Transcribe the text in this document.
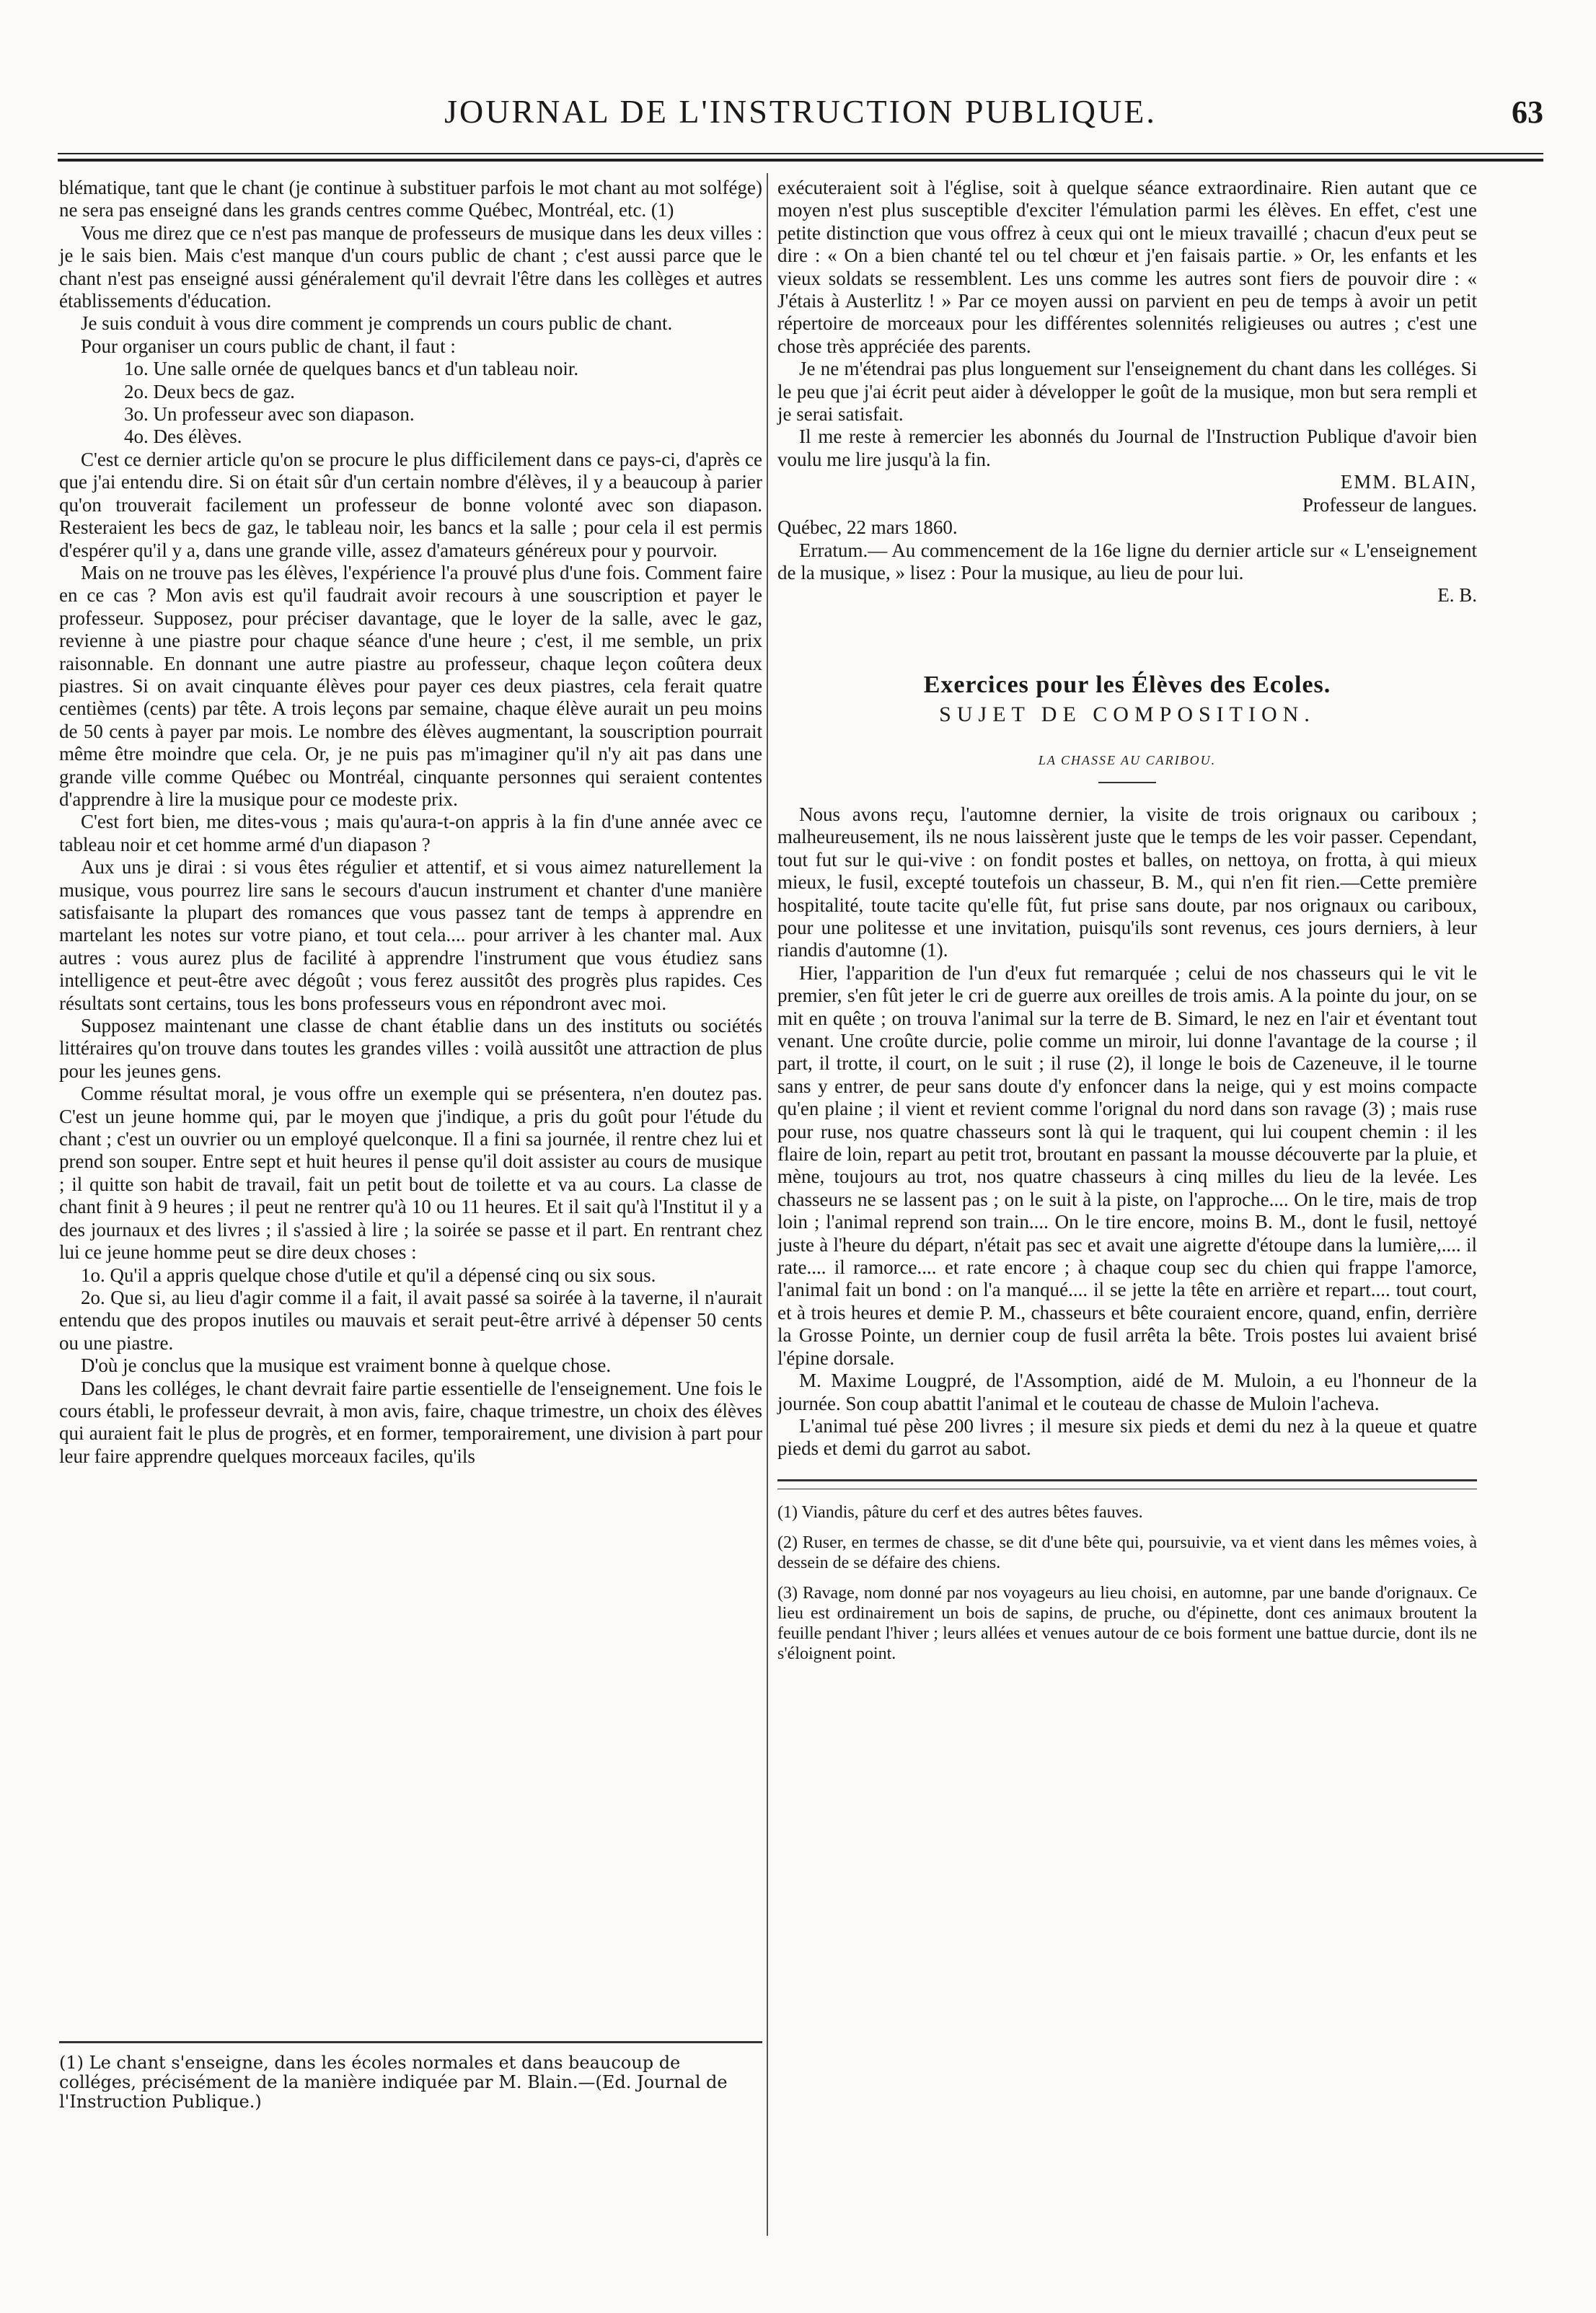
JOURNAL DE L'INSTRUCTION PUBLIQUE.	63

blématique, tant que le chant (je continue à substituer parfois le mot chant au mot solfége) ne sera pas enseigné dans les grands centres comme Québec, Montréal, etc. (1)

Vous me direz que ce n'est pas manque de professeurs de musique dans les deux villes : je le sais bien. Mais c'est manque d'un cours public de chant ; c'est aussi parce que le chant n'est pas enseigné aussi généralement qu'il devrait l'être dans les collèges et autres établissements d'éducation.

Je suis conduit à vous dire comment je comprends un cours public de chant.

Pour organiser un cours public de chant, il faut :

1o. Une salle ornée de quelques bancs et d'un tableau noir.

2o. Deux becs de gaz.

3o. Un professeur avec son diapason.

4o. Des élèves.

C'est ce dernier article qu'on se procure le plus difficilement dans ce pays-ci, d'après ce que j'ai entendu dire. Si on était sûr d'un certain nombre d'élèves, il y a beaucoup à parier qu'on trouverait facilement un professeur de bonne volonté avec son diapason. Resteraient les becs de gaz, le tableau noir, les bancs et la salle ; pour cela il est permis d'espérer qu'il y a, dans une grande ville, assez d'amateurs généreux pour y pourvoir.

Mais on ne trouve pas les élèves, l'expérience l'a prouvé plus d'une fois. Comment faire en ce cas ? Mon avis est qu'il faudrait avoir recours à une souscription et payer le professeur. Supposez, pour préciser davantage, que le loyer de la salle, avec le gaz, revienne à une piastre pour chaque séance d'une heure ; c'est, il me semble, un prix raisonnable. En donnant une autre piastre au professeur, chaque leçon coûtera deux piastres. Si on avait cinquante élèves pour payer ces deux piastres, cela ferait quatre centièmes (cents) par tête. A trois leçons par semaine, chaque élève aurait un peu moins de 50 cents à payer par mois. Le nombre des élèves augmentant, la souscription pourrait même être moindre que cela. Or, je ne puis pas m'imaginer qu'il n'y ait pas dans une grande ville comme Québec ou Montréal, cinquante personnes qui seraient contentes d'apprendre à lire la musique pour ce modeste prix.

C'est fort bien, me dites-vous ; mais qu'aura-t-on appris à la fin d'une année avec ce tableau noir et cet homme armé d'un diapason ?

Aux uns je dirai : si vous êtes régulier et attentif, et si vous aimez naturellement la musique, vous pourrez lire sans le secours d'aucun instrument et chanter d'une manière satisfaisante la plupart des romances que vous passez tant de temps à apprendre en martelant les notes sur votre piano, et tout cela.... pour arriver à les chanter mal. Aux autres : vous aurez plus de facilité à apprendre l'instrument que vous étudiez sans intelligence et peut-être avec dégoût ; vous ferez aussitôt des progrès plus rapides. Ces résultats sont certains, tous les bons professeurs vous en répondront avec moi.

Supposez maintenant une classe de chant établie dans un des instituts ou sociétés littéraires qu'on trouve dans toutes les grandes villes : voilà aussitôt une attraction de plus pour les jeunes gens.

Comme résultat moral, je vous offre un exemple qui se présentera, n'en doutez pas. C'est un jeune homme qui, par le moyen que j'indique, a pris du goût pour l'étude du chant ; c'est un ouvrier ou un employé quelconque. Il a fini sa journée, il rentre chez lui et prend son souper. Entre sept et huit heures il pense qu'il doit assister au cours de musique ; il quitte son habit de travail, fait un petit bout de toilette et va au cours. La classe de chant finit à 9 heures ; il peut ne rentrer qu'à 10 ou 11 heures. Et il sait qu'à l'Institut il y a des journaux et des livres ; il s'assied à lire ; la soirée se passe et il part. En rentrant chez lui ce jeune homme peut se dire deux choses :

1o. Qu'il a appris quelque chose d'utile et qu'il a dépensé cinq ou six sous.

2o. Que si, au lieu d'agir comme il a fait, il avait passé sa soirée à la taverne, il n'aurait entendu que des propos inutiles ou mauvais et serait peut-être arrivé à dépenser 50 cents ou une piastre.

D'où je conclus que la musique est vraiment bonne à quelque chose.

Dans les colléges, le chant devrait faire partie essentielle de l'enseignement. Une fois le cours établi, le professeur devrait, à mon avis, faire, chaque trimestre, un choix des élèves qui auraient fait le plus de progrès, et en former, temporairement, une division à part pour leur faire apprendre quelques morceaux faciles, qu'ils

(1) Le chant s'enseigne, dans les écoles normales et dans beaucoup de colléges, précisément de la manière indiquée par M. Blain.—(Ed. Journal de l'Instruction Publique.)

exécuteraient soit à l'église, soit à quelque séance extraordinaire. Rien autant que ce moyen n'est plus susceptible d'exciter l'émulation parmi les élèves. En effet, c'est une petite distinction que vous offrez à ceux qui ont le mieux travaillé ; chacun d'eux peut se dire : « On a bien chanté tel ou tel chœur et j'en faisais partie. » Or, les enfants et les vieux soldats se ressemblent. Les uns comme les autres sont fiers de pouvoir dire : « J'étais à Austerlitz ! » Par ce moyen aussi on parvient en peu de temps à avoir un petit répertoire de morceaux pour les différentes solennités religieuses ou autres ; c'est une chose très appréciée des parents.

Je ne m'étendrai pas plus longuement sur l'enseignement du chant dans les colléges. Si le peu que j'ai écrit peut aider à développer le goût de la musique, mon but sera rempli et je serai satisfait.

Il me reste à remercier les abonnés du Journal de l'Instruction Publique d'avoir bien voulu me lire jusqu'à la fin.

EMM. BLAIN,

Professeur de langues.

Québec, 22 mars 1860.

Erratum.— Au commencement de la 16e ligne du dernier article sur « L'enseignement de la musique, » lisez : Pour la musique, au lieu de pour lui.

E. B.

Exercices pour les Élèves des Ecoles.
SUJET DE COMPOSITION.
LA CHASSE AU CARIBOU.

Nous avons reçu, l'automne dernier, la visite de trois orignaux ou cariboux ; malheureusement, ils ne nous laissèrent juste que le temps de les voir passer. Cependant, tout fut sur le qui-vive : on fondit postes et balles, on nettoya, on frotta, à qui mieux mieux, le fusil, excepté toutefois un chasseur, B. M., qui n'en fit rien.—Cette première hospitalité, toute tacite qu'elle fût, fut prise sans doute, par nos orignaux ou cariboux, pour une politesse et une invitation, puisqu'ils sont revenus, ces jours derniers, à leur riandis d'automne (1).

Hier, l'apparition de l'un d'eux fut remarquée ; celui de nos chasseurs qui le vit le premier, s'en fût jeter le cri de guerre aux oreilles de trois amis. A la pointe du jour, on se mit en quête ; on trouva l'animal sur la terre de B. Simard, le nez en l'air et éventant tout venant. Une croûte durcie, polie comme un miroir, lui donne l'avantage de la course ; il part, il trotte, il court, on le suit ; il ruse (2), il longe le bois de Cazeneuve, il le tourne sans y entrer, de peur sans doute d'y enfoncer dans la neige, qui y est moins compacte qu'en plaine ; il vient et revient comme l'orignal du nord dans son ravage (3) ; mais ruse pour ruse, nos quatre chasseurs sont là qui le traquent, qui lui coupent chemin : il les flaire de loin, repart au petit trot, broutant en passant la mousse découverte par la pluie, et mène, toujours au trot, nos quatre chasseurs à cinq milles du lieu de la levée. Les chasseurs ne se lassent pas ; on le suit à la piste, on l'approche.... On le tire, mais de trop loin ; l'animal reprend son train.... On le tire encore, moins B. M., dont le fusil, nettoyé juste à l'heure du départ, n'était pas sec et avait une aigrette d'étoupe dans la lumière,.... il rate.... il ramorce.... et rate encore ; à chaque coup sec du chien qui frappe l'amorce, l'animal fait un bond : on l'a manqué.... il se jette la tête en arrière et repart.... tout court, et à trois heures et demie P. M., chasseurs et bête couraient encore, quand, enfin, derrière la Grosse Pointe, un dernier coup de fusil arrêta la bête. Trois postes lui avaient brisé l'épine dorsale.

M. Maxime Lougpré, de l'Assomption, aidé de M. Muloin, a eu l'honneur de la journée. Son coup abattit l'animal et le couteau de chasse de Muloin l'acheva.

L'animal tué pèse 200 livres ; il mesure six pieds et demi du nez à la queue et quatre pieds et demi du garrot au sabot.

(1) Viandis, pâture du cerf et des autres bêtes fauves.

(2) Ruser, en termes de chasse, se dit d'une bête qui, poursuivie, va et vient dans les mêmes voies, à dessein de se défaire des chiens.

(3) Ravage, nom donné par nos voyageurs au lieu choisi, en automne, par une bande d'orignaux. Ce lieu est ordinairement un bois de sapins, de pruche, ou d'épinette, dont ces animaux broutent la feuille pendant l'hiver ; leurs allées et venues autour de ce bois forment une battue durcie, dont ils ne s'éloignent point.
